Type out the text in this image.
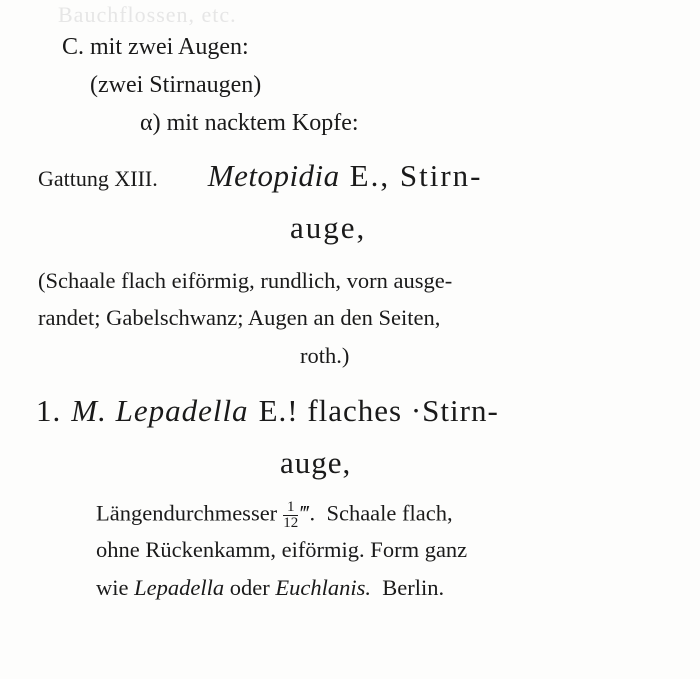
Bauchflossen, etc.
C. mit zwei Augen:
(zwei Stirnaugen)
α) mit nacktem Kopfe:
Gattung XIII. Metopidia E., Stirn-
auge,
(Schaale flach eiförmig, rundlich, vorn ausge-
randet; Gabelschwanz; Augen an den Seiten,
roth.)
1. M. Lepadella E.! flaches ·Stirn-
auge,
Längendurchmesser $\frac{1}{12}$ ‴. Schaale flach,
ohne Rückenkamm, eiförmig. Form ganz
wie Lepadella oder Euchlanis. Berlin.
